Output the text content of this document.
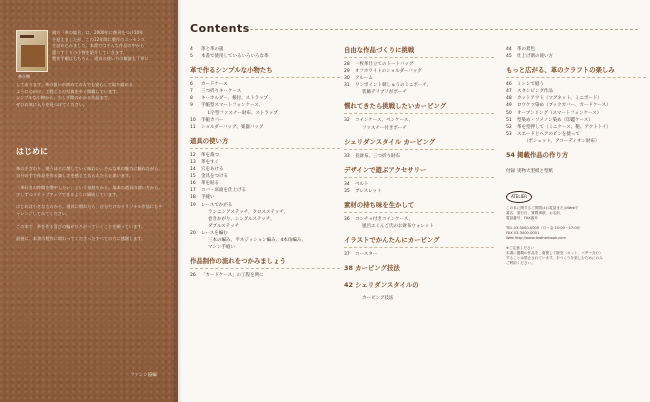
革小物
親方「革の総合」は、2000年に創刊をつけ10年
を迎えましたが、この12年間に製作のエッセンス
を詰め込みました。本書ではそんな作品の中から
選りすぐりの小物を紹介していきます。
製作手順はもちろん、道具の使い方の解説も丁寧に
してあります。革の扱いが初めての方でも安心して取り組める
ように心がけ、工程ごとの写真を多く掲載しています。
シンプルな小物から、少し手間のかかる作品まで、
ぜひお気に入りを見つけてください。
はじめに

革の手ざわり、使うほどに増していく味わい。そんな革の魅力に触れながら、自分の手で作品を作る楽しさを感じてもらえたらと思います。

「革好きの仲間を増やしたい」という気持ちから、基本の道具の使い方から、少しずつステップアップできるように構成しています。

はじめは小さなものから。道具に慣れたら、自分だけのオリジナル作品にもチャレンジしてみてください。

この本で、革を作る喜びの輪がひろがっていくことを願っています。

最後に、本書の製作に関わってくださったすべての方に感謝します。

ファンシ協編
Contents
4 革と革の扱
5 本書で使用しているいろいろな革
革で作るシンプルな小物たち
6 カードケース
7 三つ折りキーケース
8 キーホルダー、根付、ストラップ
9 手帳型スマートフォンケース、
L字型ファスナー財布、ストラップ
10 手帳カバー
11 ショルダーバッグ、楽器バッグ
道具の使い方
12 革を裁つ
13 革をすく
14 穴をあける
15 金具をつける
16 革を貼る
17 コバ・床面を仕上げる
18 手縫い
19 レースでかがる
ランニングステッチ、クロスステッチ、
巻きかがり、シングルステッチ、
ダブルステッチ
20 レースを編む
三本の編み、平ネジッション編み、4本角編み、
マシン手縫い
作品制作の流れをつかみましょう
26 「カードケース」の工程を例に
自由な作品づくりに挑戦
28 一枚革仕立てのトートバッグ
29 オフホワイトのショルダーバッグ
30 アルーム
31 ワンポイント刺しゅうのミニポーチ、
装飾デリプリがポーチ
慣れてきたら挑戦したいカービング
32 コインケース、ペンケース、
ファスナー付きポーチ
シェリダンスタイル カービング
33 長財布、三つ折り財布
デザインで遊ぶアクセサリー
34 ベルト
35 ブレスレット
素材の持ち味を生かして
36 コンチョ付きコインケース、
風呂エくんご氏のお財布ウォレット
イラストでかんたんにカービング
37 コースター
38 カービング技法
42 シェリダンスタイルの
カービング技法
44 革の着色
45 仕上げ剤の使い方
もっと広がる、革のクラフトの楽しみ
46 ミシンで縫う
47 スタンピング作品
48 カットアウト（マグネット、ミニボード）
49 ロウケツ染め（ブックカバー、カードケース）
50 オープンリング（スマートフォンケース）
51 型染め・ソメノン染め（印鑑ケース）
52 革を型押して（ミニケース、鞄、アクトトイ）
53 スエードとヘアのビンを使って
（ポシェット、アコーディオン財布）
54 掲載作品の作り方
付録 実物大型紙と型紙
ATELIER
この本に関するご質問はお電話またはWebで
書名、発行日、質問事項、お名前、
電話番号、FAX番号

TEL 03-3000-0000（月〜金 10:00〜17:00）
FAX 03-3000-0001
Web http://www.leatherbook.com

※ご注意ください
本書に掲載の作品を、複製して販売（ネット、バザー含む）
することは禁止されています。手づくりを楽しむためにのみ
ご利用ください。
